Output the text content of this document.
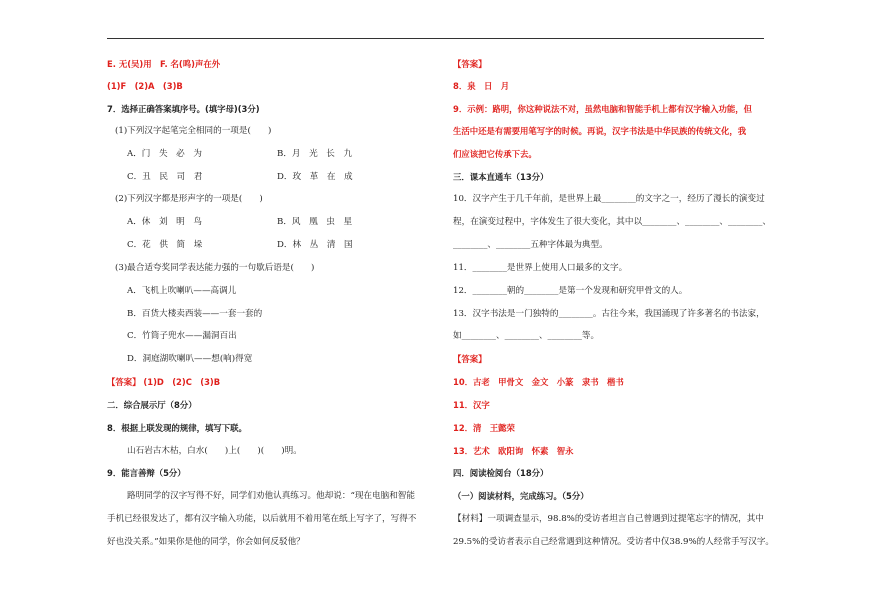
E. 无(吴)用　F. 名(鸣)声在外
(1)F　(2)A　(3)B
7．选择正确答案填序号。(填字母)(3分)
(1)下列汉字起笔完全相同的一项是(　　)
A．门　失　必　为	B．月　光　长　九
C．丑　民　司　君	D．玫　革　在　成
(2)下列汉字都是形声字的一项是(　　)
A．休　刘　明　鸟	B．风　凰　虫　星
C．花　供　简　垛	D．林　丛　清　国
(3)最合适夸奖同学表达能力强的一句歇后语是(　　)
A．飞机上吹喇叭——高调儿
B．百货大楼卖西装——一套一套的
C．竹筒子兜水——漏洞百出
D．洞庭湖吹喇叭——想(响)得宽
【答案】 (1)D　(2)C　(3)B
二．综合展示厅（8分）
8．根据上联发现的规律，填写下联。
山石岩古木枯，白水(　　)上(　　)(　　)明。
9．能言善辩（5分）
路明同学的汉字写得不好，同学们劝他认真练习。他却说：“现在电脑和智能
手机已经很发达了，都有汉字输入功能，以后就用不着用笔在纸上写字了，写得不
好也没关系。”如果你是他的同学，你会如何反驳他？
【答案】
8．泉　日　月
9．示例：路明，你这种说法不对，虽然电脑和智能手机上都有汉字输入功能，但
生活中还是有需要用笔写字的时候。再说，汉字书法是中华民族的传统文化，我
们应该把它传承下去。
三．课本直通车（13分）
10．汉字产生于几千年前，是世界上最________的文字之一，经历了漫长的演变过
程，在演变过程中，字体发生了很大变化，其中以________、________、________、
________、________五种字体最为典型。
11．________是世界上使用人口最多的文字。
12．________朝的________是第一个发现和研究甲骨文的人。
13．汉字书法是一门独特的________。古往今来，我国涌现了许多著名的书法家，
如________、________、________等。
【答案】
10．古老　甲骨文　金文　小篆　隶书　楷书
11．汉字
12．清　王懿荣
13．艺术　欧阳询　怀素　智永
四．阅读检阅台（18分）
（一）阅读材料，完成练习。（5分）
【材料】一项调查显示，98.8%的受访者坦言自己曾遇到过提笔忘字的情况，其中
29.5%的受访者表示自己经常遇到这种情况。受访者中仅38.9%的人经常手写汉字。
